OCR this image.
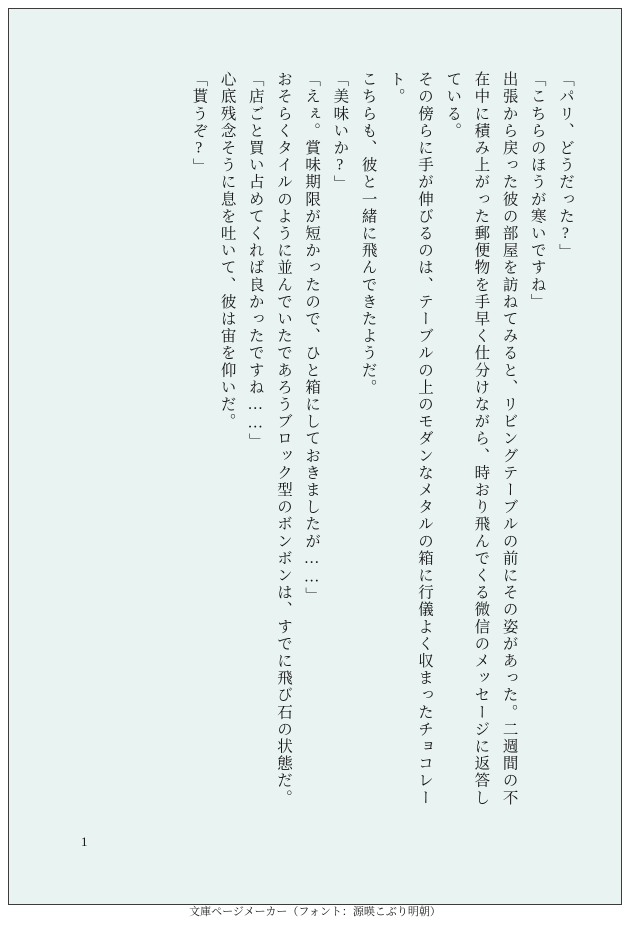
「パリ、どうだった?」

「こちらのほうが寒いですね」

出張から戻った彼の部屋を訪ねてみると、リビングテーブルの前にその姿があった。二週間の不在中に積み上がった郵便物を手早く仕分けながら、時おり飛んでくる微信のメッセージに返答している。

その傍らに手が伸びるのは、テーブルの上のモダンなメタルの箱に行儀よく収まったチョコレート。

こちらも、彼と一緒に飛んできたようだ。

「美味いか?」

「えぇ。賞味期限が短かったので、ひと箱にしておきましたが……」

おそらくタイルのように並んでいたであろうブロック型のボンボンは、すでに飛び石の状態だ。

「店ごと買い占めてくれば良かったですね……」

心底残念そうに息を吐いて、彼は宙を仰いだ。

「貰うぞ?」

1
文庫ページメーカー（フォント：源暎こぶり明朝）
